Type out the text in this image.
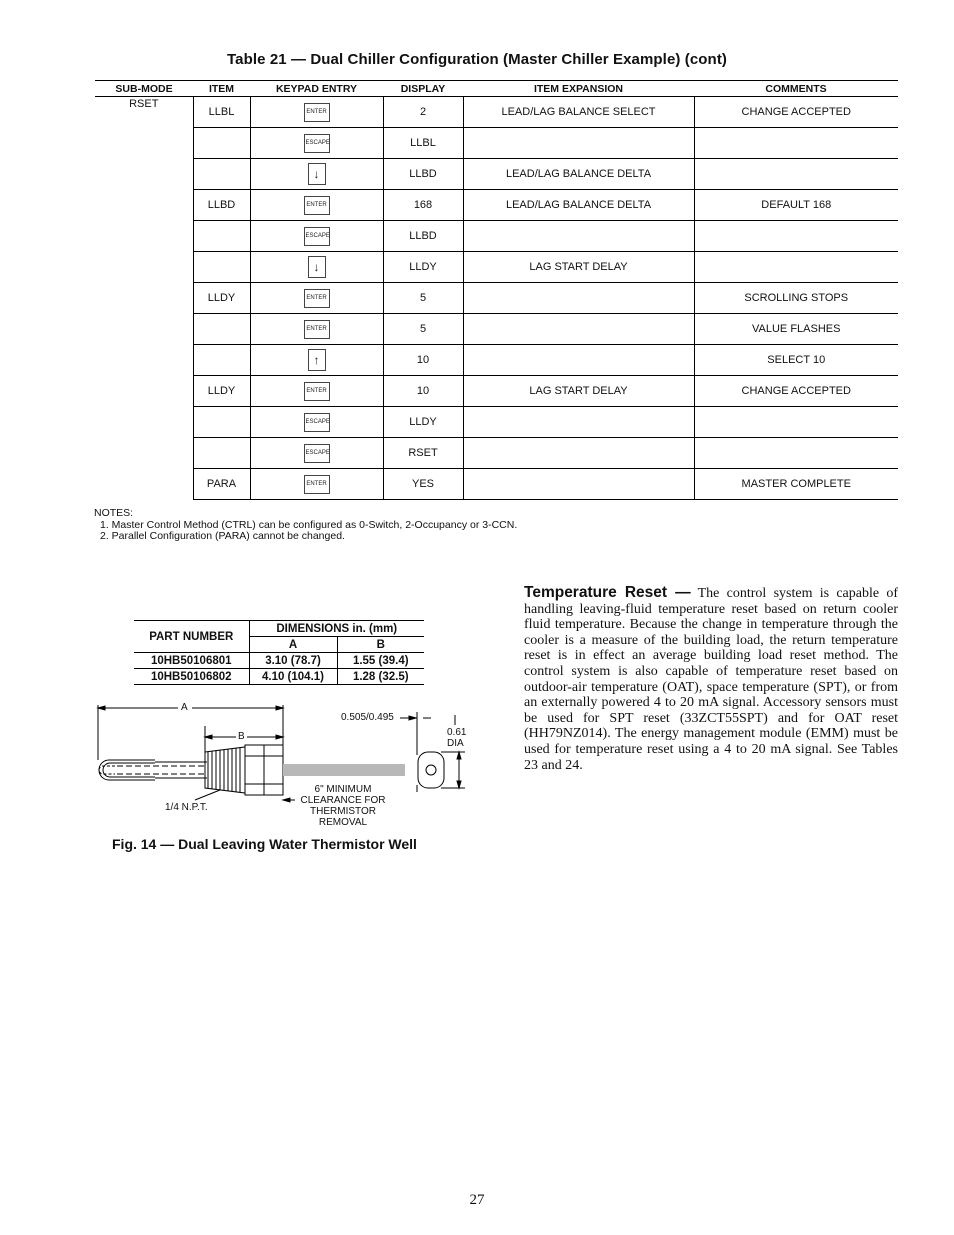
Table 21 — Dual Chiller Configuration (Master Chiller Example) (cont)
SUB-MODE	ITEM	KEYPAD ENTRY	DISPLAY	ITEM EXPANSION	COMMENTS
RSET	LLBL	ENTER	2	LEAD/LAG BALANCE SELECT	CHANGE ACCEPTED
		ESCAPE	LLBL		
		↓	LLBD	LEAD/LAG BALANCE DELTA	
	LLBD	ENTER	168	LEAD/LAG BALANCE DELTA	DEFAULT 168
		ESCAPE	LLBD		
		↓	LLDY	LAG START DELAY	
	LLDY	ENTER	5		SCROLLING STOPS
		ENTER	5		VALUE FLASHES
		↑	10		SELECT 10
	LLDY	ENTER	10	LAG START DELAY	CHANGE ACCEPTED
		ESCAPE	LLDY		
		ESCAPE	RSET		
	PARA	ENTER	YES		MASTER COMPLETE
NOTES:
1. Master Control Method (CTRL) can be configured as 0-Switch, 2-Occupancy or 3-CCN.
2. Parallel Configuration (PARA) cannot be changed.
PART NUMBER	DIMENSIONS in. (mm)	
	A	B
10HB50106801	3.10 (78.7)	1.55 (39.4)
10HB50106802	4.10 (104.1)	1.28 (32.5)
A
B
1/4 N.P.T.
0.505/0.495
0.61
DIA
6" MINIMUM
CLEARANCE FOR
THERMISTOR
REMOVAL
Fig. 14 — Dual Leaving Water Thermistor Well
Temperature Reset — The control system is capable of handling leaving-fluid temperature reset based on return cooler fluid temperature. Because the change in temperature through the cooler is a measure of the building load, the return temperature reset is in effect an average building load reset method. The control system is also capable of temperature reset based on outdoor-air temperature (OAT), space temperature (SPT), or from an externally powered 4 to 20 mA signal. Accessory sensors must be used for SPT reset (33ZCT55SPT) and for OAT reset (HH79NZ014). The energy management module (EMM) must be used for temperature reset using a 4 to 20 mA signal. See Tables 23 and 24.
27
